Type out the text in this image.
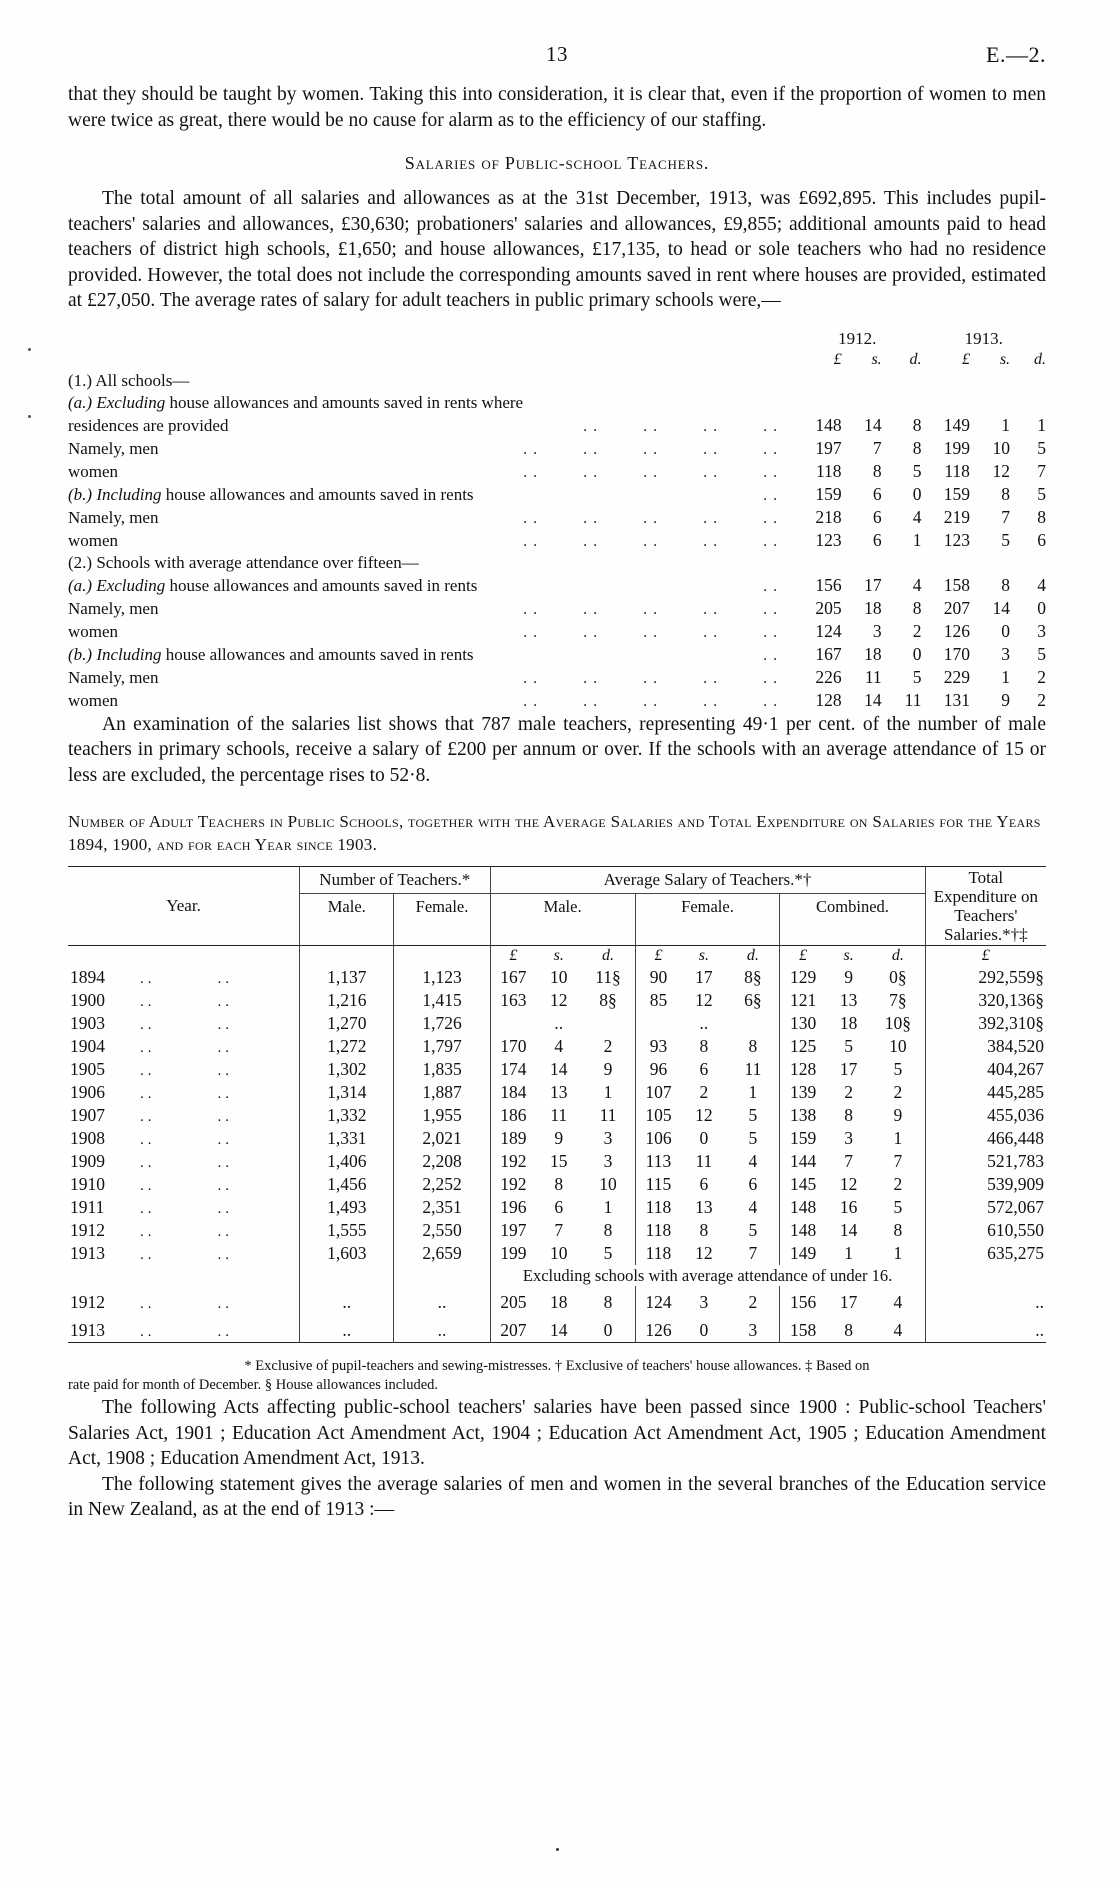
13	E.—2.

that they should be taught by women. Taking this into consideration, it is clear that, even if the proportion of women to men were twice as great, there would be no cause for alarm as to the efficiency of our staffing.

Salaries of Public-school Teachers.

The total amount of all salaries and allowances as at the 31st December, 1913, was £692,895. This includes pupil-teachers' salaries and allowances, £30,630; probationers' salaries and allowances, £9,855; additional amounts paid to head teachers of district high schools, £1,650; and house allowances, £17,135, to head or sole teachers who had no residence provided. However, the total does not include the corresponding amounts saved in rent where houses are provided, estimated at £27,050. The average rates of salary for adult teachers in public primary schools were,—

		1912.			1913.		
		£	s.	d.	£	s.	d.
(1.) All schools—							
(a.) Excluding house allowances and amounts saved in rents where							
residences are provided	..    ..    ..    ..	148	14	8	149	1	1
Namely, men	..    ..    ..    ..    ..	197	7	8	199	10	5
women	..    ..    ..    ..    ..	118	8	5	118	12	7
(b.) Including house allowances and amounts saved in rents	..	159	6	0	159	8	5
Namely, men	..    ..    ..    ..    ..	218	6	4	219	7	8
women	..    ..    ..    ..    ..	123	6	1	123	5	6
(2.) Schools with average attendance over fifteen—							
(a.) Excluding house allowances and amounts saved in rents	..	156	17	4	158	8	4
Namely, men	..    ..    ..    ..    ..	205	18	8	207	14	0
women	..    ..    ..    ..    ..	124	3	2	126	0	3
(b.) Including house allowances and amounts saved in rents	..	167	18	0	170	3	5
Namely, men	..    ..    ..    ..    ..	226	11	5	229	1	2
women	..    ..    ..    ..    ..	128	14	11	131	9	2

An examination of the salaries list shows that 787 male teachers, representing 49·1 per cent. of the number of male teachers in primary schools, receive a salary of £200 per annum or over. If the schools with an average attendance of 15 or less are excluded, the percentage rises to 52·8.

Number of Adult Teachers in Public Schools, together with the Average Salaries and Total Expenditure on Salaries for the Years 1894, 1900, and for each Year since 1903.
Year.	Number of Teachers.*		Average Salary of Teachers.*†									Total Expenditure on Teachers' Salaries.*†‡
	Male.	Female.	Male.			Female.			Combined.			

			£	s.	d.	£	s.	d.	£	s.	d.	£
1894 .. ..	1,137	1,123	167	10	11§	90	17	8§	129	9	0§	292,559§
1900 .. ..	1,216	1,415	163	12	8§	85	12	6§	121	13	7§	320,136§
1903 .. ..	1,270	1,726		..			..		130	18	10§	392,310§
1904 .. ..	1,272	1,797	170	4	2	93	8	8	125	5	10	384,520
1905 .. ..	1,302	1,835	174	14	9	96	6	11	128	17	5	404,267
1906 .. ..	1,314	1,887	184	13	1	107	2	1	139	2	2	445,285
1907 .. ..	1,332	1,955	186	11	11	105	12	5	138	8	9	455,036
1908 .. ..	1,331	2,021	189	9	3	106	0	5	159	3	1	466,448
1909 .. ..	1,406	2,208	192	15	3	113	11	4	144	7	7	521,783
1910 .. ..	1,456	2,252	192	8	10	115	6	6	145	12	2	539,909
1911 .. ..	1,493	2,351	196	6	1	118	13	4	148	16	5	572,067
1912 .. ..	1,555	2,550	197	7	8	118	8	5	148	14	8	610,550
1913 .. ..	1,603	2,659	199	10	5	118	12	7	149	1	1	635,275
			Excluding schools with average attendance of under 16.									
1912 .. ..	..	..	205	18	8	124	3	2	156	17	4	..
1913 .. ..	..	..	207	14	0	126	0	3	158	8	4	..

* Exclusive of pupil-teachers and sewing-mistresses. † Exclusive of teachers' house allowances. ‡ Based on
rate paid for month of December. § House allowances included.

The following Acts affecting public-school teachers' salaries have been passed since 1900 : Public-school Teachers' Salaries Act, 1901 ; Education Act Amendment Act, 1904 ; Education Act Amendment Act, 1905 ; Education Amendment Act, 1908 ; Education Amendment Act, 1913.

The following statement gives the average salaries of men and women in the several branches of the Education service in New Zealand, as at the end of 1913 :—
